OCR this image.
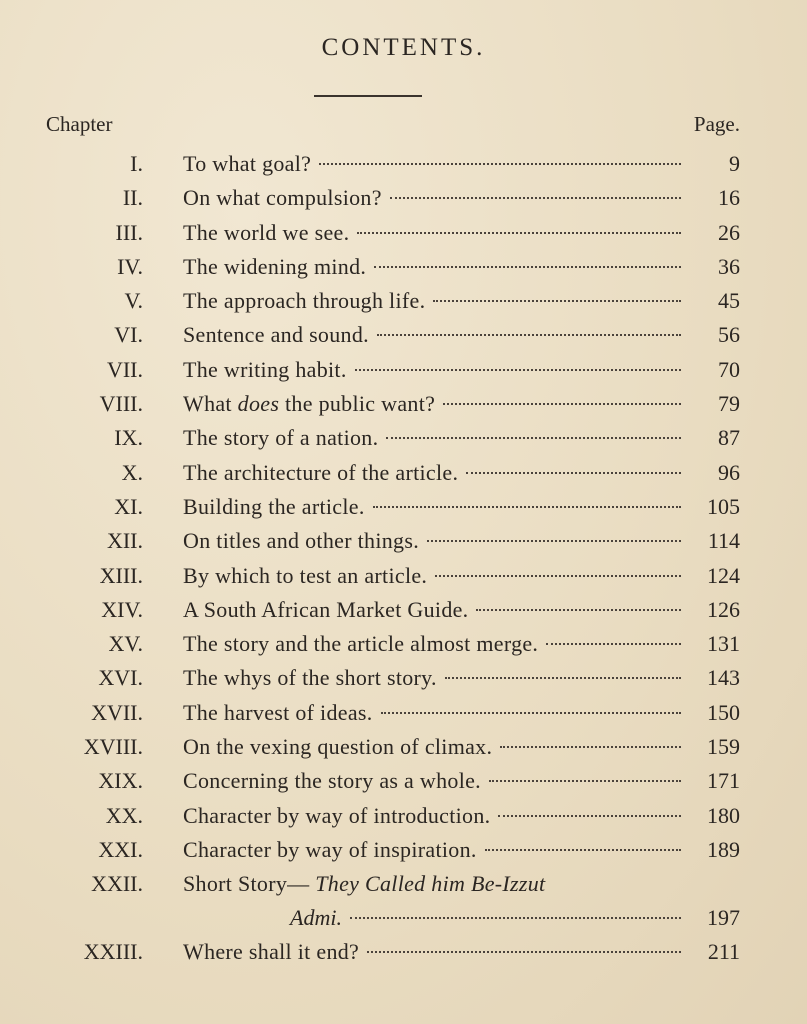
CONTENTS.
Chapter	Page.
I. To what goal?	9
II. On what compulsion?	16
III. The world we see.	26
IV. The widening mind.	36
V. The approach through life.	45
VI. Sentence and sound.	56
VII. The writing habit.	70
VIII. What does the public want?	79
IX. The story of a nation.	87
X. The architecture of the article.	96
XI. Building the article.	105
XII. On titles and other things.	114
XIII. By which to test an article.	124
XIV. A South African Market Guide.	126
XV. The story and the article almost merge.	131
XVI. The whys of the short story.	143
XVII. The harvest of ideas.	150
XVIII. On the vexing question of climax.	159
XIX. Concerning the story as a whole.	171
XX. Character by way of introduction.	180
XXI. Character by way of inspiration.	189
XXII. Short Story— They Called him Be-Izzut
Admi.	197
XXIII. Where shall it end?	211
